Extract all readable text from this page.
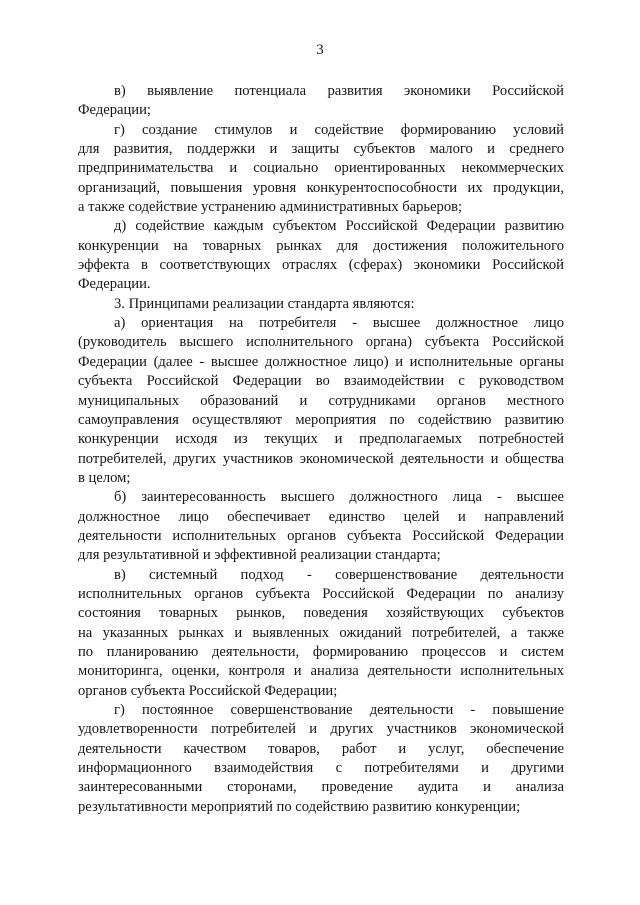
3
в) выявление потенциала развития экономики Российской
Федерации;
г) создание стимулов и содействие формированию условий
для развития, поддержки и защиты субъектов малого и среднего
предпринимательства и социально ориентированных некоммерческих
организаций, повышения уровня конкурентоспособности их продукции,
а также содействие устранению административных барьеров;
д) содействие каждым субъектом Российской Федерации развитию
конкуренции на товарных рынках для достижения положительного
эффекта в соответствующих отраслях (сферах) экономики Российской
Федерации.
3. Принципами реализации стандарта являются:
а) ориентация на потребителя - высшее должностное лицо
(руководитель высшего исполнительного органа) субъекта Российской
Федерации (далее - высшее должностное лицо) и исполнительные органы
субъекта Российской Федерации во взаимодействии с руководством
муниципальных образований и сотрудниками органов местного
самоуправления осуществляют мероприятия по содействию развитию
конкуренции исходя из текущих и предполагаемых потребностей
потребителей, других участников экономической деятельности и общества
в целом;
б) заинтересованность высшего должностного лица - высшее
должностное лицо обеспечивает единство целей и направлений
деятельности исполнительных органов субъекта Российской Федерации
для результативной и эффективной реализации стандарта;
в) системный подход - совершенствование деятельности
исполнительных органов субъекта Российской Федерации по анализу
состояния товарных рынков, поведения хозяйствующих субъектов
на указанных рынках и выявленных ожиданий потребителей, а также
по планированию деятельности, формированию процессов и систем
мониторинга, оценки, контроля и анализа деятельности исполнительных
органов субъекта Российской Федерации;
г) постоянное совершенствование деятельности - повышение
удовлетворенности потребителей и других участников экономической
деятельности качеством товаров, работ и услуг, обеспечение
информационного взаимодействия с потребителями и другими
заинтересованными сторонами, проведение аудита и анализа
результативности мероприятий по содействию развитию конкуренции;
